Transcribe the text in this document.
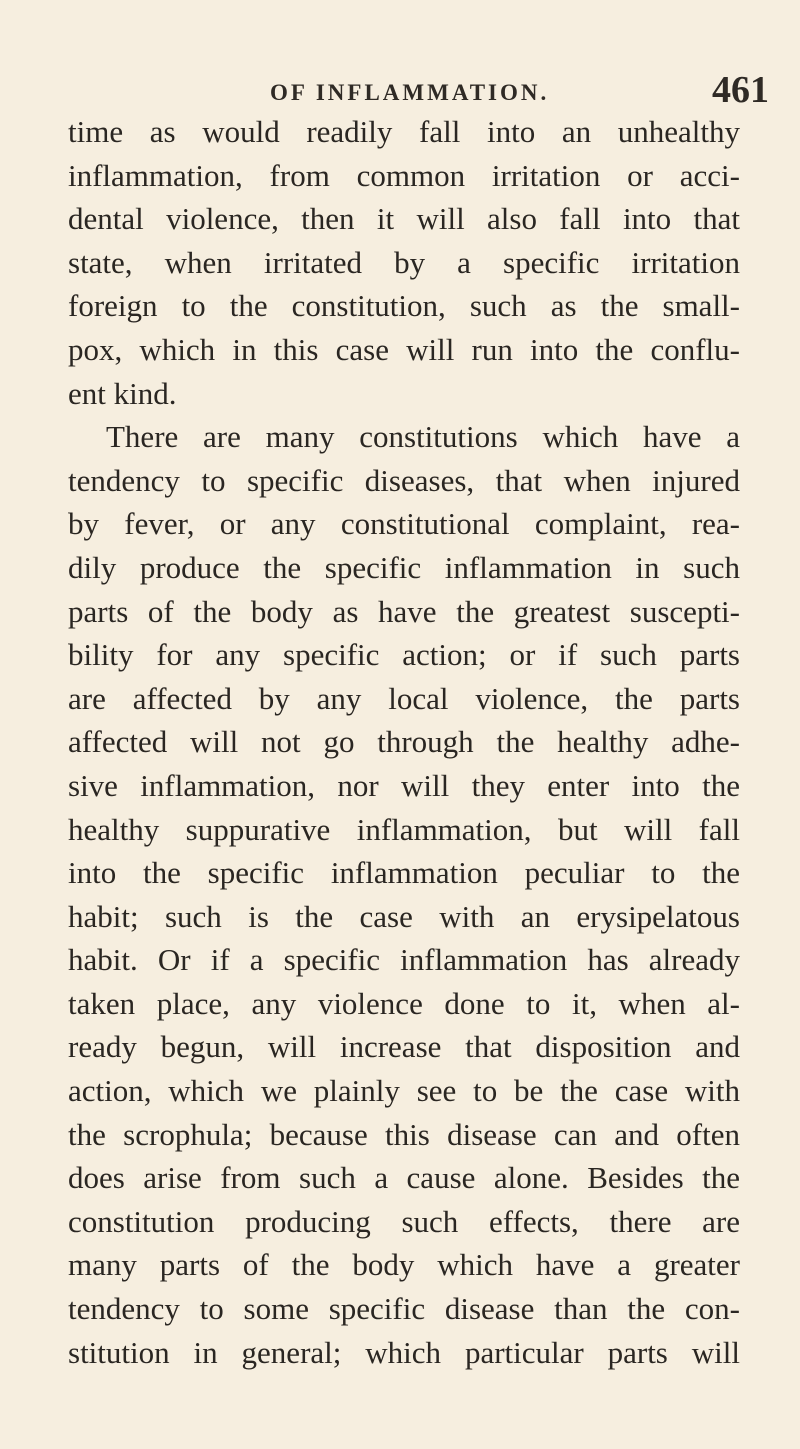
OF INFLAMMATION.	461
time as would readily fall into an unhealthy
inflammation, from common irritation or acci-
dental violence, then it will also fall into that
state, when irritated by a specific irritation
foreign to the constitution, such as the small-
pox, which in this case will run into the conflu-
ent kind.
There are many constitutions which have a
tendency to specific diseases, that when injured
by fever, or any constitutional complaint, rea-
dily produce the specific inflammation in such
parts of the body as have the greatest suscepti-
bility for any specific action; or if such parts
are affected by any local violence, the parts
affected will not go through the healthy adhe-
sive inflammation, nor will they enter into the
healthy suppurative inflammation, but will fall
into the specific inflammation peculiar to the
habit; such is the case with an erysipelatous
habit. Or if a specific inflammation has already
taken place, any violence done to it, when al-
ready begun, will increase that disposition and
action, which we plainly see to be the case with
the scrophula; because this disease can and often
does arise from such a cause alone. Besides the
constitution producing such effects, there are
many parts of the body which have a greater
tendency to some specific disease than the con-
stitution in general; which particular parts will
